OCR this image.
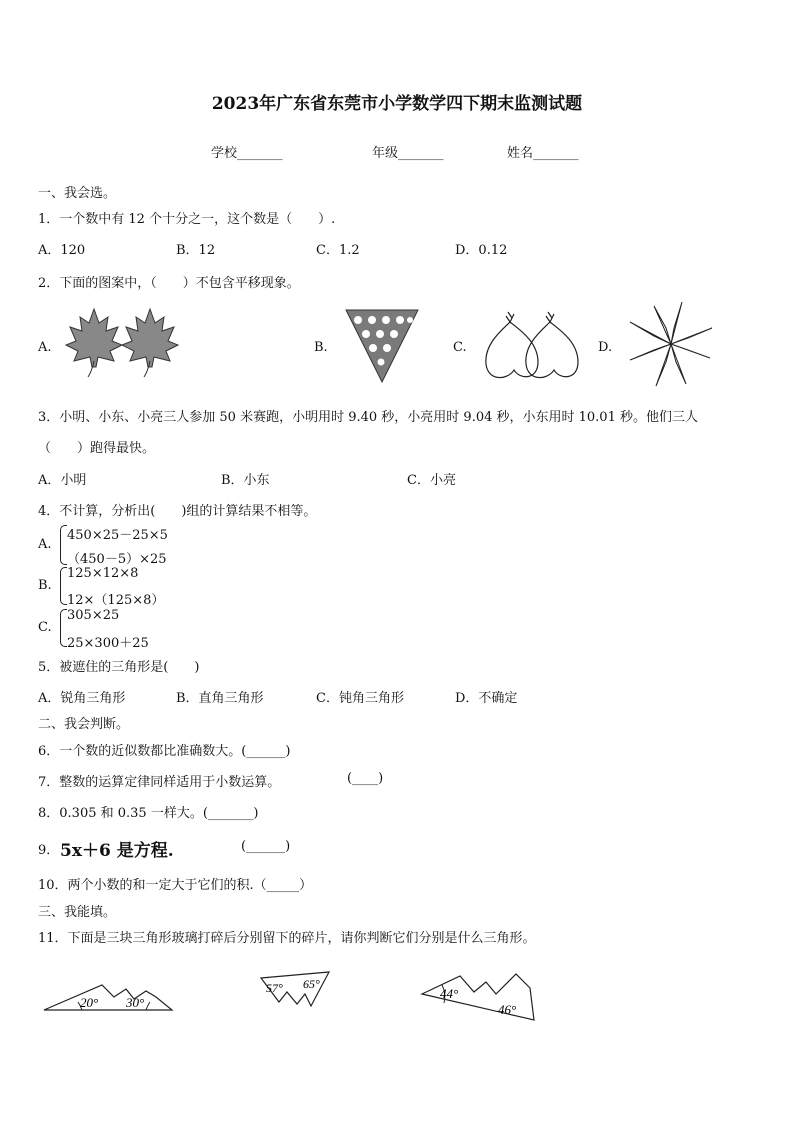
2023年广东省东莞市小学数学四下期末监测试题
学校_______	年级_______	姓名_______
一、我会选。
1．一个数中有 12 个十分之一，这个数是（　　）.
A．120	B．12	C．1.2	D．0.12
2．下面的图案中，（　　）不包含平移现象。
A.	B.	C.	D.
3．小明、小东、小亮三人参加 50 米赛跑，小明用时 9.40 秒，小亮用时 9.04 秒，小东用时 10.01 秒。他们三人
（　　）跑得最快。
A．小明	B．小东	C．小亮
4．不计算，分析出(　　)组的计算结果不相等。
A.
450×25－25×5
（450－5）×25
B.
125×12×8
12×（125×8）
C.
305×25
25×300＋25
5．被遮住的三角形是(　　)
A．锐角三角形	B．直角三角形	C．钝角三角形	D．不确定
二、我会判断。
6．一个数的近似数都比准确数大。(______)
7．整数的运算定律同样适用于小数运算。	(____)
8．0.305 和 0.35 一样大。(_______)
9． 5x＋6 是方程.	(______)
10．两个小数的和一定大于它们的积.（_____）
三、我能填。
11．下面是三块三角形玻璃打碎后分别留下的碎片，请你判断它们分别是什么三角形。
20° 30°
57° 65°
44°
46°
